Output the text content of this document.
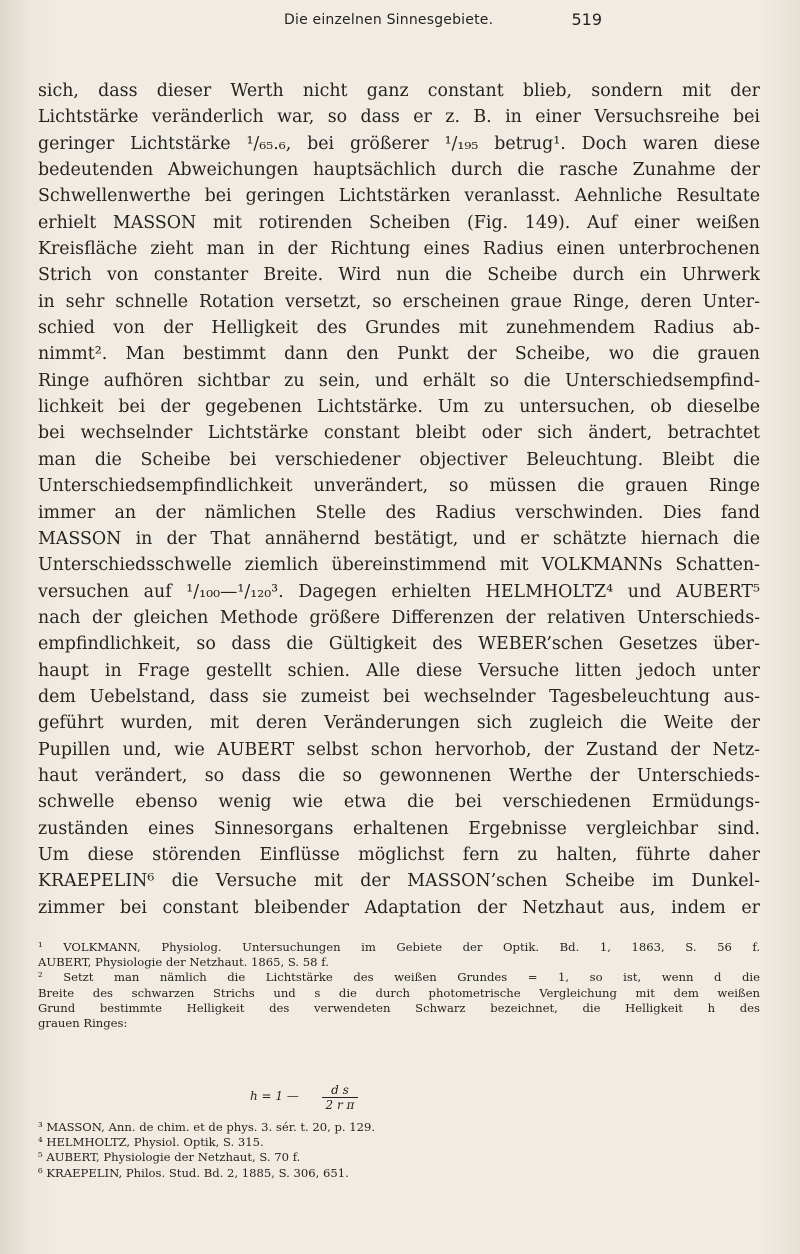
Die einzelnen Sinnesgebiete.	519
sich, dass dieser Werth nicht ganz constant blieb, sondern mit der
Lichtstärke veränderlich war, so dass er z. B. in einer Versuchsreihe bei
geringer Lichtstärke ¹/₆₅.₆, bei größerer ¹/₁₉₅ betrug¹. Doch waren diese
bedeutenden Abweichungen hauptsächlich durch die rasche Zunahme der
Schwellenwerthe bei geringen Lichtstärken veranlasst. Aehnliche Resultate
erhielt MASSON mit rotirenden Scheiben (Fig. 149). Auf einer weißen
Kreisfläche zieht man in der Richtung eines Radius einen unterbrochenen
Strich von constanter Breite. Wird nun die Scheibe durch ein Uhrwerk
in sehr schnelle Rotation versetzt, so erscheinen graue Ringe, deren Unter-
schied von der Helligkeit des Grundes mit zunehmendem Radius ab-
nimmt². Man bestimmt dann den Punkt der Scheibe, wo die grauen
Ringe aufhören sichtbar zu sein, und erhält so die Unterschiedsempfind-
lichkeit bei der gegebenen Lichtstärke. Um zu untersuchen, ob dieselbe
bei wechselnder Lichtstärke constant bleibt oder sich ändert, betrachtet
man die Scheibe bei verschiedener objectiver Beleuchtung. Bleibt die
Unterschiedsempfindlichkeit unverändert, so müssen die grauen Ringe
immer an der nämlichen Stelle des Radius verschwinden. Dies fand
MASSON in der That annähernd bestätigt, und er schätzte hiernach die
Unterschiedsschwelle ziemlich übereinstimmend mit VOLKMANNs Schatten-
versuchen auf ¹/₁₀₀—¹/₁₂₀³. Dagegen erhielten HELMHOLTZ⁴ und AUBERT⁵
nach der gleichen Methode größere Differenzen der relativen Unterschieds-
empfindlichkeit, so dass die Gültigkeit des WEBER’schen Gesetzes über-
haupt in Frage gestellt schien. Alle diese Versuche litten jedoch unter
dem Uebelstand, dass sie zumeist bei wechselnder Tagesbeleuchtung aus-
geführt wurden, mit deren Veränderungen sich zugleich die Weite der
Pupillen und, wie AUBERT selbst schon hervorhob, der Zustand der Netz-
haut verändert, so dass die so gewonnenen Werthe der Unterschieds-
schwelle ebenso wenig wie etwa die bei verschiedenen Ermüdungs-
zuständen eines Sinnesorgans erhaltenen Ergebnisse vergleichbar sind.
Um diese störenden Einflüsse möglichst fern zu halten, führte daher
KRAEPELIN⁶ die Versuche mit der MASSON’schen Scheibe im Dunkel-
zimmer bei constant bleibender Adaptation der Netzhaut aus, indem er
¹ VOLKMANN, Physiolog. Untersuchungen im Gebiete der Optik. Bd. 1, 1863, S. 56 f.
AUBERT, Physiologie der Netzhaut. 1865, S. 58 f.
² Setzt man nämlich die Lichtstärke des weißen Grundes = 1, so ist, wenn d die
Breite des schwarzen Strichs und s die durch photometrische Vergleichung mit dem weißen
Grund bestimmte Helligkeit des verwendeten Schwarz bezeichnet, die Helligkeit h des
grauen Ringes:
h = 1 — $\frac{\text{d s}}{\text{2 r π}}$
³ MASSON, Ann. de chim. et de phys. 3. sér. t. 20, p. 129.
⁴ HELMHOLTZ, Physiol. Optik, S. 315.
⁵ AUBERT, Physiologie der Netzhaut, S. 70 f.
⁶ KRAEPELIN, Philos. Stud. Bd. 2, 1885, S. 306, 651.
